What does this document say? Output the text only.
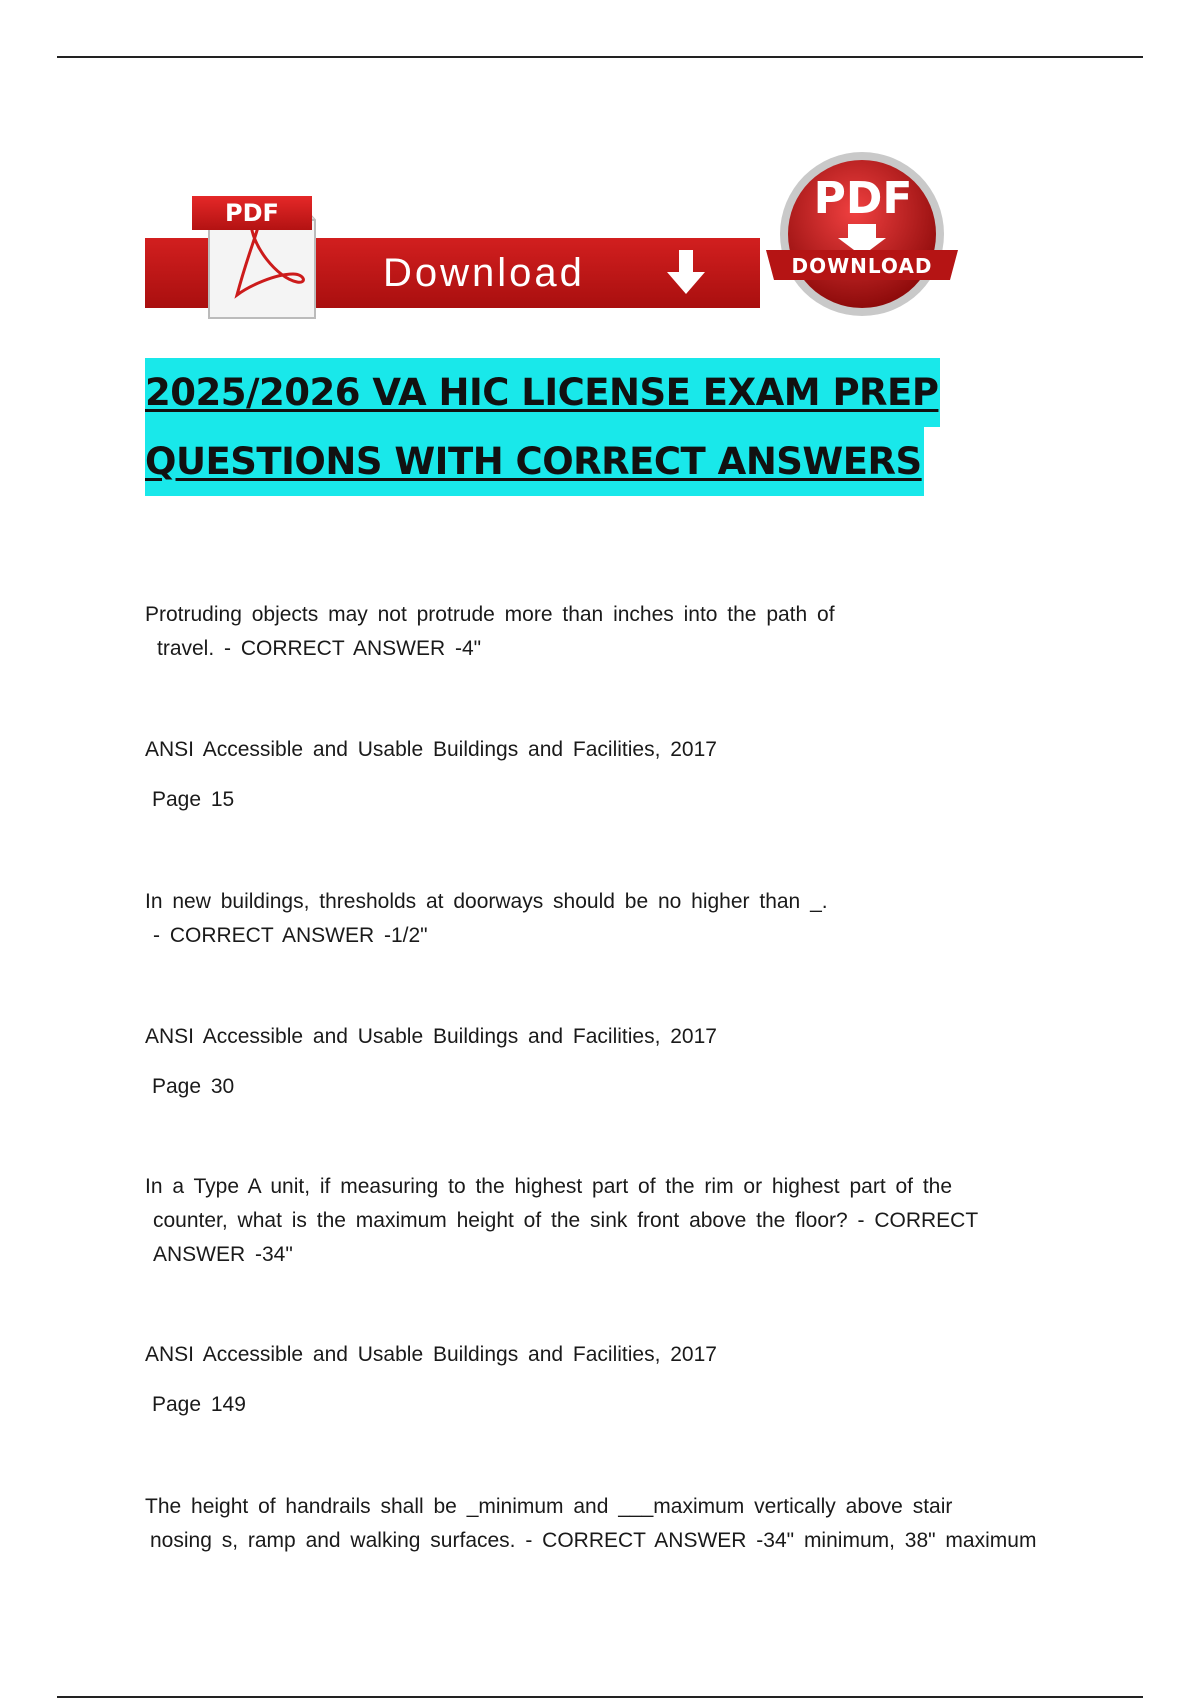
PDF
Download
PDF
DOWNLOAD
2025/2026 VA HIC LICENSE EXAM PREP
QUESTIONS WITH CORRECT ANSWERS
Protruding objects may not protrude more than inches into the path of
travel. - CORRECT ANSWER -4"
ANSI Accessible and Usable Buildings and Facilities, 2017
Page 15
In new buildings, thresholds at doorways should be no higher than _.
- CORRECT ANSWER -1/2"
ANSI Accessible and Usable Buildings and Facilities, 2017
Page 30
In a Type A unit, if measuring to the highest part of the rim or highest part of the
counter, what is the maximum height of the sink front above the floor? - CORRECT
ANSWER -34"
ANSI Accessible and Usable Buildings and Facilities, 2017
Page 149
The height of handrails shall be _minimum and ___maximum vertically above stair
nosing s, ramp and walking surfaces. - CORRECT ANSWER -34" minimum, 38" maximum
